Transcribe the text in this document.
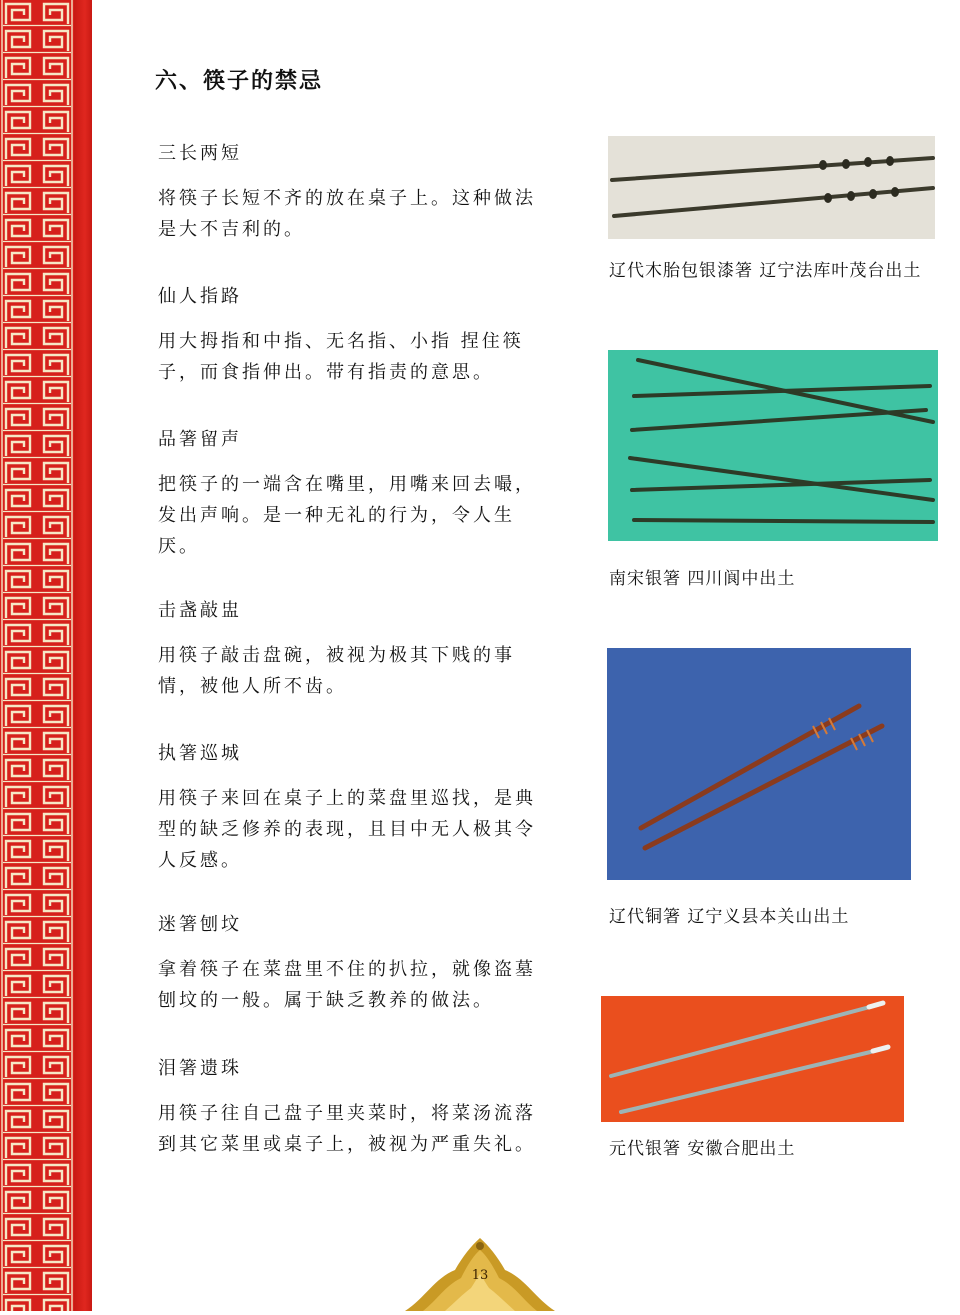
六、筷子的禁忌

三长两短

将筷子长短不齐的放在桌子上。这种做法
是大不吉利的。

仙人指路

用大拇指和中指、无名指、小指 捏住筷
子，而食指伸出。带有指责的意思。

品箸留声

把筷子的一端含在嘴里，用嘴来回去嘬，
发出声响。是一种无礼的行为，令人生
厌。

击盏敲盅

用筷子敲击盘碗，被视为极其下贱的事
情，被他人所不齿。

执箸巡城

用筷子来回在桌子上的菜盘里巡找，是典
型的缺乏修养的表现，且目中无人极其令
人反感。

迷箸刨坟

拿着筷子在菜盘里不住的扒拉，就像盗墓
刨坟的一般。属于缺乏教养的做法。

泪箸遗珠

用筷子往自己盘子里夹菜时，将菜汤流落
到其它菜里或桌子上，被视为严重失礼。

辽代木胎包银漆箸 辽宁法库叶茂台出土
南宋银箸 四川阆中出土
辽代铜箸 辽宁义县本关山出土
元代银箸 安徽合肥出土
13
